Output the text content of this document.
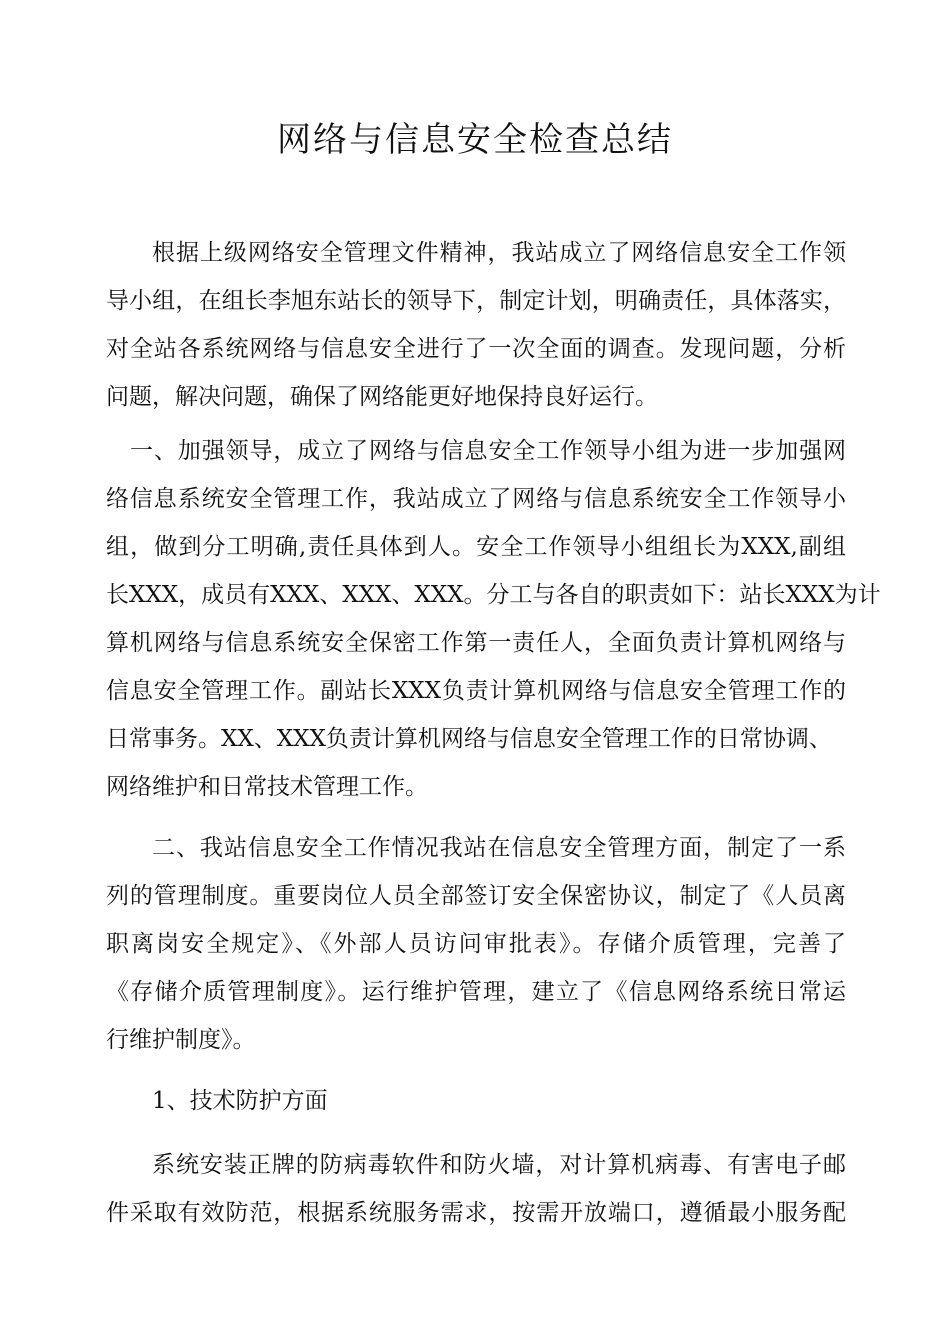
网络与信息安全检查总结
根据上级网络安全管理文件精神，我站成立了网络信息安全工作领
导小组，在组长李旭东站长的领导下，制定计划，明确责任，具体落实，
对全站各系统网络与信息安全进行了一次全面的调查。发现问题，分析
问题，解决问题，确保了网络能更好地保持良好运行。
一、加强领导，成立了网络与信息安全工作领导小组为进一步加强网
络信息系统安全管理工作，我站成立了网络与信息系统安全工作领导小
组，做到分工明确,责任具体到人。安全工作领导小组组长为XXX,副组
长XXX，成员有XXX、XXX、XXX。分工与各自的职责如下：站长XXX为计
算机网络与信息系统安全保密工作第一责任人，全面负责计算机网络与
信息安全管理工作。副站长XXX负责计算机网络与信息安全管理工作的
日常事务。XX、XXX负责计算机网络与信息安全管理工作的日常协调、
网络维护和日常技术管理工作。
二、我站信息安全工作情况我站在信息安全管理方面，制定了一系
列的管理制度。重要岗位人员全部签订安全保密协议，制定了《人员离
职离岗安全规定》、《外部人员访问审批表》。存储介质管理，完善了
《存储介质管理制度》。运行维护管理，建立了《信息网络系统日常运
行维护制度》。
1、技术防护方面
系统安装正牌的防病毒软件和防火墙，对计算机病毒、有害电子邮
件采取有效防范，根据系统服务需求，按需开放端口，遵循最小服务配
